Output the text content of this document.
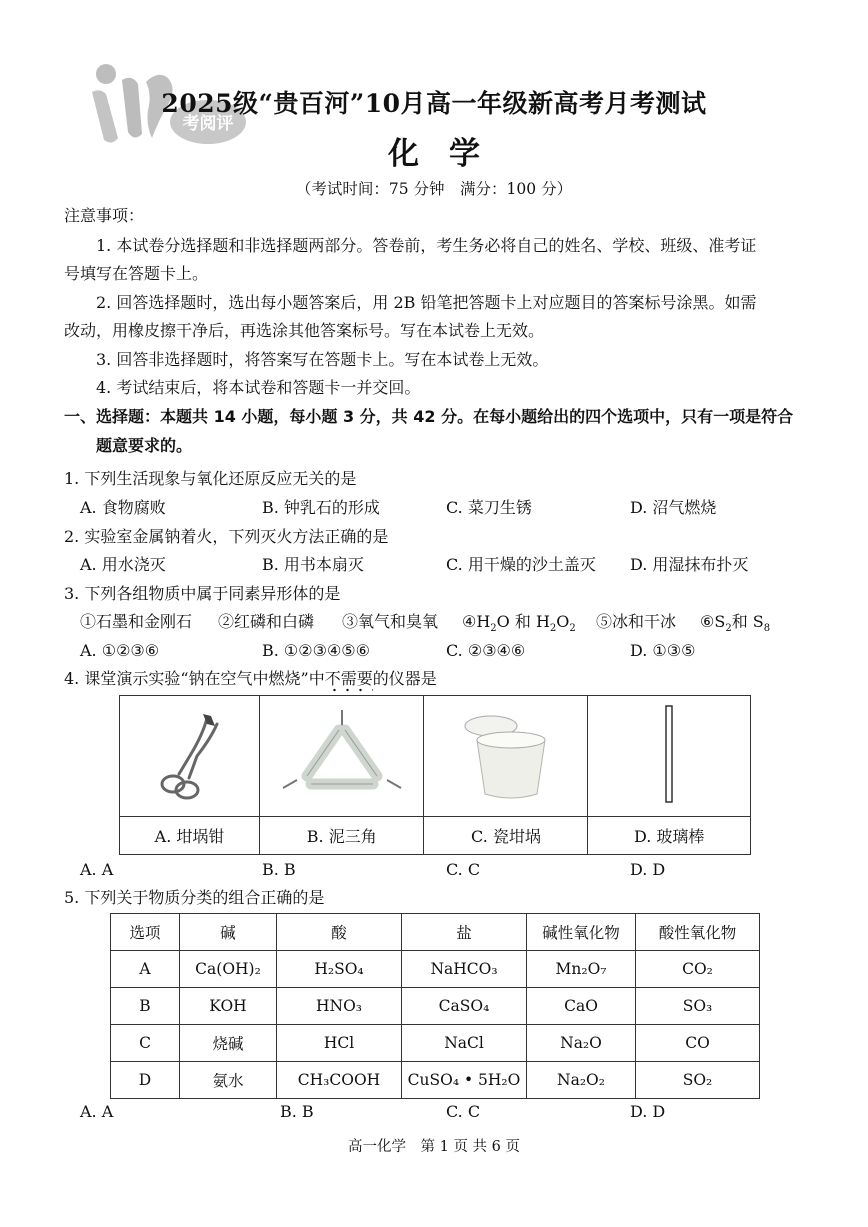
考阅评
2025级“贵百河”10月高一年级新高考月考测试
化学
（考试时间：75 分钟　满分：100 分）
注意事项：
1. 本试卷分选择题和非选择题两部分。答卷前，考生务必将自己的姓名、学校、班级、准考证
号填写在答题卡上。
2. 回答选择题时，选出每小题答案后，用 2B 铅笔把答题卡上对应题目的答案标号涂黑。如需
改动，用橡皮擦干净后，再选涂其他答案标号。写在本试卷上无效。
3. 回答非选择题时，将答案写在答题卡上。写在本试卷上无效。
4. 考试结束后，将本试卷和答题卡一并交回。
一、选择题：本题共 14 小题，每小题 3 分，共 42 分。在每小题给出的四个选项中，只有一项是符合
题意要求的。
1. 下列生活现象与氧化还原反应无关的是
A. 食物腐败	B. 钟乳石的形成	C. 菜刀生锈	D. 沼气燃烧
2. 实验室金属钠着火，下列灭火方法正确的是
A. 用水浇灭	B. 用书本扇灭	C. 用干燥的沙土盖灭 D. 用湿抹布扑灭
3. 下列各组物质中属于同素异形体的是
①石墨和金刚石 ②红磷和白磷 ③氧气和臭氧 $④H_2O$ 和 $H_2O_2$ ⑤冰和干冰 $⑥S_2$和 $S_8$
A. ①②③⑥	B. ①②③④⑤⑥	C. ②③④⑥	D. ①③⑤
4. 课堂演示实验“钠在空气中燃烧”中不需要的仪器是

A. 坩埚钳	B. 泥三角	C. 瓷坩埚	D. 玻璃棒
A. A	B. B	C. C	D. D
5. 下列关于物质分类的组合正确的是
选项	碱	酸	盐	碱性氧化物	酸性氧化物
A	Ca(OH)₂	H₂SO₄	NaHCO₃	Mn₂O₇	CO₂
B	KOH	HNO₃	CaSO₄	CaO	SO₃
C	烧碱	HCl	NaCl	Na₂O	CO
D	氨水	CH₃COOH	CuSO₄ • 5H₂O	Na₂O₂	SO₂
A. A	B. B	C. C	D. D
高一化学　第 1 页 共 6 页
